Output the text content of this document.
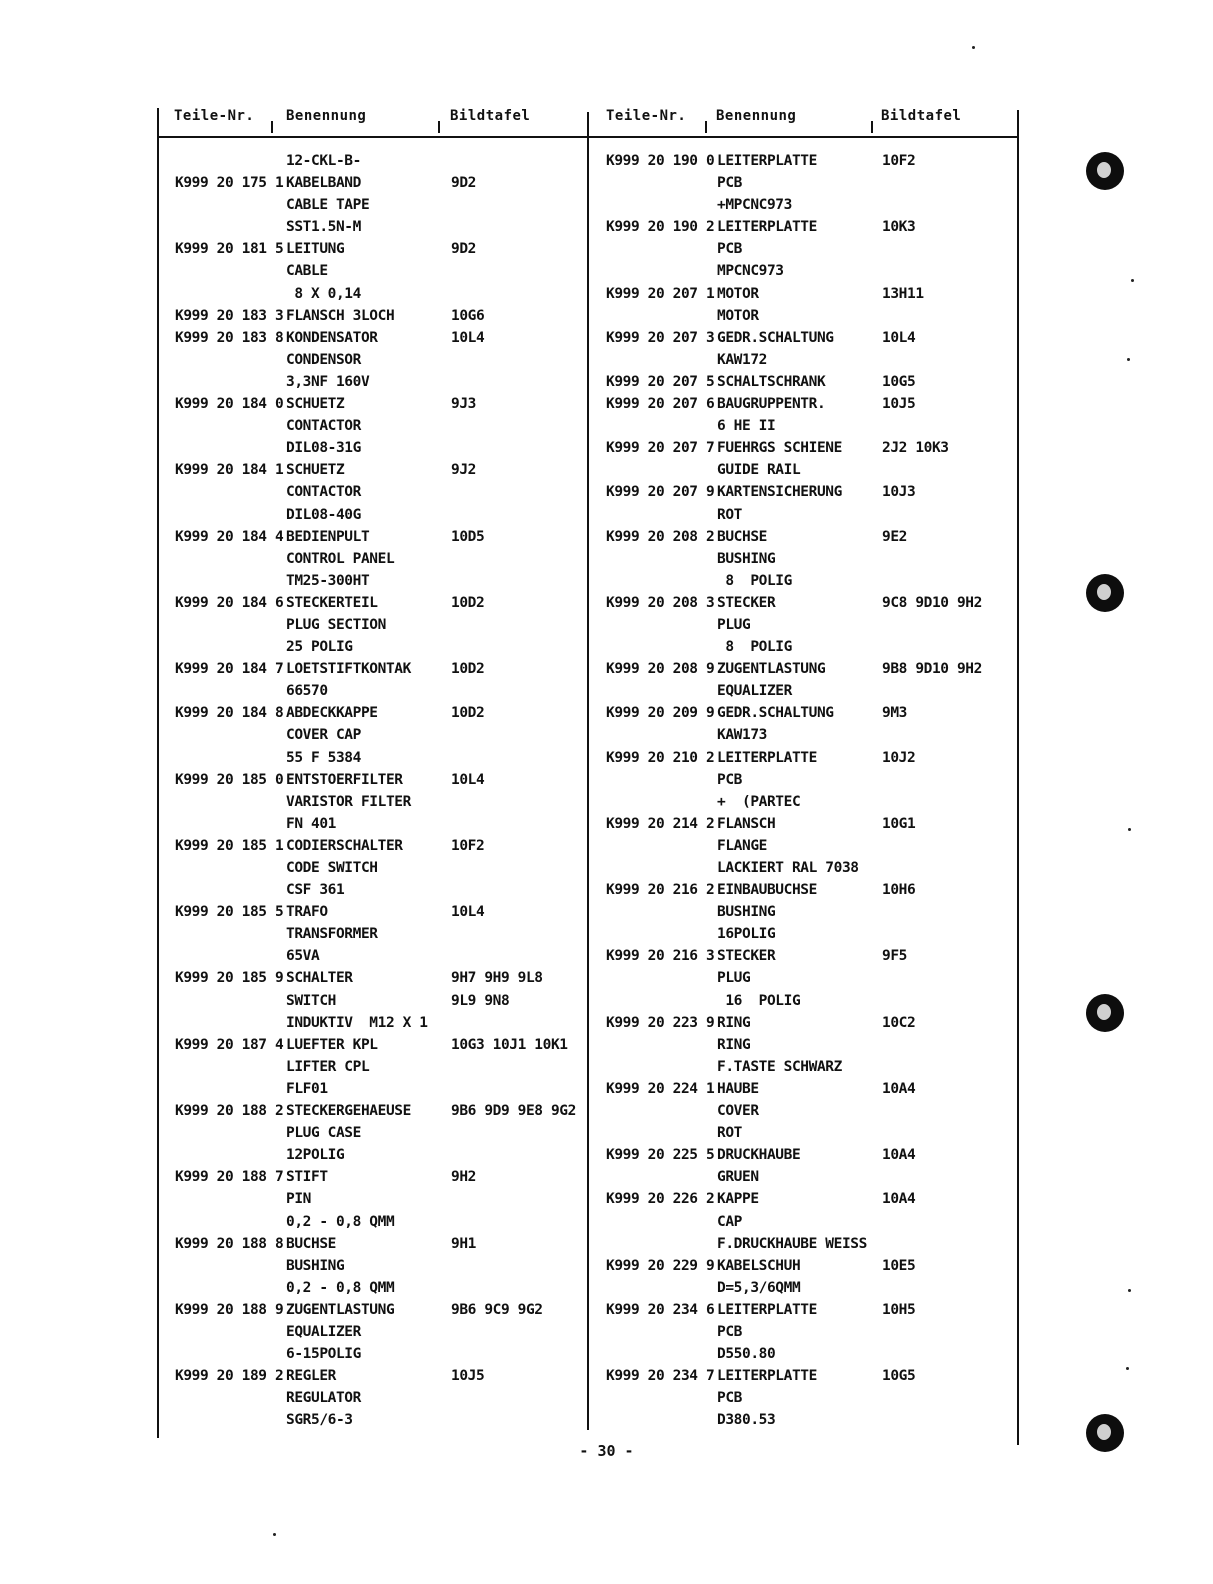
Teile-Nr. Benennung	Bildtafel	Teile-Nr. Benennung	Bildtafel
12-CKL-B-
K999 20 175 1 KABELBAND	9D2
CABLE TAPE
SST1.5N-M
K999 20 181 5 LEITUNG	9D2
CABLE
8 X 0,14
K999 20 183 3 FLANSCH 3LOCH	10G6
K999 20 183 8 KONDENSATOR	10L4
CONDENSOR
3,3NF 160V
K999 20 184 0 SCHUETZ	9J3
CONTACTOR
DIL08-31G
K999 20 184 1 SCHUETZ	9J2
CONTACTOR
DIL08-40G
K999 20 184 4 BEDIENPULT	10D5
CONTROL PANEL
TM25-300HT
K999 20 184 6 STECKERTEIL	10D2
PLUG SECTION
25 POLIG
K999 20 184 7 LOETSTIFTKONTAK	10D2
66570
K999 20 184 8 ABDECKKAPPE	10D2
COVER CAP
55 F 5384
K999 20 185 0 ENTSTOERFILTER	10L4
VARISTOR FILTER
FN 401
K999 20 185 1 CODIERSCHALTER	10F2
CODE SWITCH
CSF 361
K999 20 185 5 TRAFO	10L4
TRANSFORMER
65VA
K999 20 185 9 SCHALTER	9H7 9H9 9L8
SWITCH	9L9 9N8
INDUKTIV  M12 X 1
K999 20 187 4 LUEFTER KPL	10G3 10J1 10K1
LIFTER CPL
FLF01
K999 20 188 2 STECKERGEHAEUSE	9B6 9D9 9E8 9G2
PLUG CASE
12POLIG
K999 20 188 7 STIFT	9H2
PIN
0,2 - 0,8 QMM
K999 20 188 8 BUCHSE	9H1
BUSHING
0,2 - 0,8 QMM
K999 20 188 9 ZUGENTLASTUNG	9B6 9C9 9G2
EQUALIZER
6-15POLIG
K999 20 189 2 REGLER	10J5
REGULATOR
SGR5/6-3
K999 20 190 0 LEITERPLATTE	10F2
PCB
+MPCNC973
K999 20 190 2 LEITERPLATTE	10K3
PCB
MPCNC973
K999 20 207 1 MOTOR	13H11
MOTOR
K999 20 207 3 GEDR.SCHALTUNG	10L4
KAW172
K999 20 207 5 SCHALTSCHRANK	10G5
K999 20 207 6 BAUGRUPPENTR.	10J5
6 HE II
K999 20 207 7 FUEHRGS SCHIENE	2J2 10K3
GUIDE RAIL
K999 20 207 9 KARTENSICHERUNG	10J3
ROT
K999 20 208 2 BUCHSE	9E2
BUSHING
8  POLIG
K999 20 208 3 STECKER	9C8 9D10 9H2
PLUG
8  POLIG
K999 20 208 9 ZUGENTLASTUNG	9B8 9D10 9H2
EQUALIZER
K999 20 209 9 GEDR.SCHALTUNG	9M3
KAW173
K999 20 210 2 LEITERPLATTE	10J2
PCB
+  (PARTEC
K999 20 214 2 FLANSCH	10G1
FLANGE
LACKIERT RAL 7038
K999 20 216 2 EINBAUBUCHSE	10H6
BUSHING
16POLIG
K999 20 216 3 STECKER	9F5
PLUG
16  POLIG
K999 20 223 9 RING	10C2
RING
F.TASTE SCHWARZ
K999 20 224 1 HAUBE	10A4
COVER
ROT
K999 20 225 5 DRUCKHAUBE	10A4
GRUEN
K999 20 226 2 KAPPE	10A4
CAP
F.DRUCKHAUBE WEISS
K999 20 229 9 KABELSCHUH	10E5
D=5,3/6QMM
K999 20 234 6 LEITERPLATTE	10H5
PCB
D550.80
K999 20 234 7 LEITERPLATTE	10G5
PCB
D380.53
- 30 -
